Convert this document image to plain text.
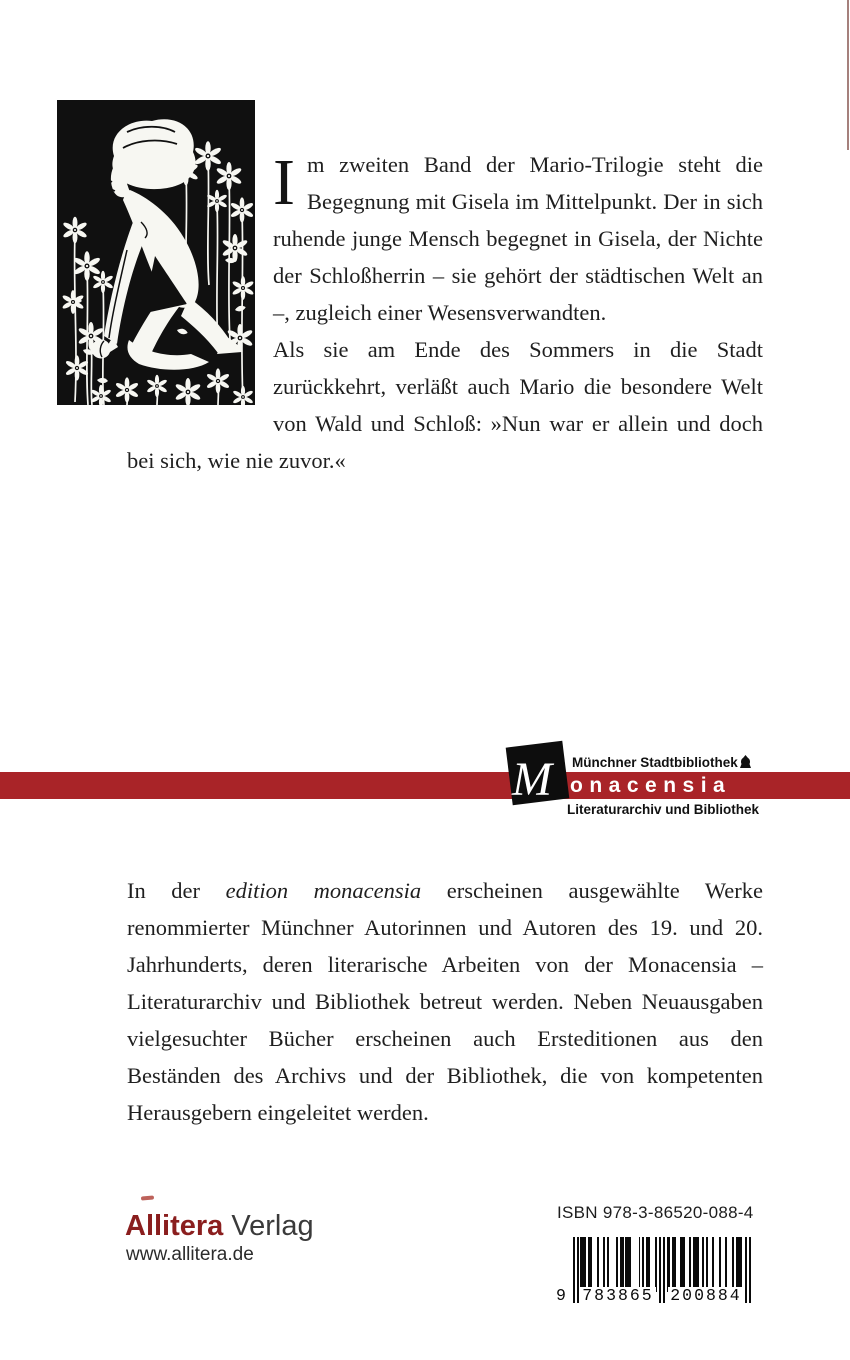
I m zweiten Band der Mario-Trilogie steht die Begegnung mit Gisela im Mittelpunkt. Der in sich ruhende junge Mensch begegnet in Gisela, der Nichte der Schloßherrin – sie gehört der städtischen Welt an –, zugleich einer Wesensverwandten.

Als sie am Ende des Sommers in die Stadt zurückkehrt, verläßt auch Mario die besondere Welt von Wald und Schloß: »Nun war er allein und doch bei sich, wie nie zuvor.«

M Münchner Stadtbibliothek
onacensia
Literaturarchiv und Bibliothek
In der edition monacensia erscheinen ausgewählte Werke renommierter Münchner Autorinnen und Autoren des 19. und 20. Jahrhunderts, deren literarische Arbeiten von der Monacensia – Literaturarchiv und Bibliothek betreut werden. Neben Neuausgaben vielgesuchter Bücher erscheinen auch Ersteditionen aus den Beständen des Archivs und der Bibliothek, die von kompetenten Herausgebern eingeleitet werden.
Allitera Verlag
www.allitera.de
ISBN 978-3-86520-088-4
9 783865 200884
